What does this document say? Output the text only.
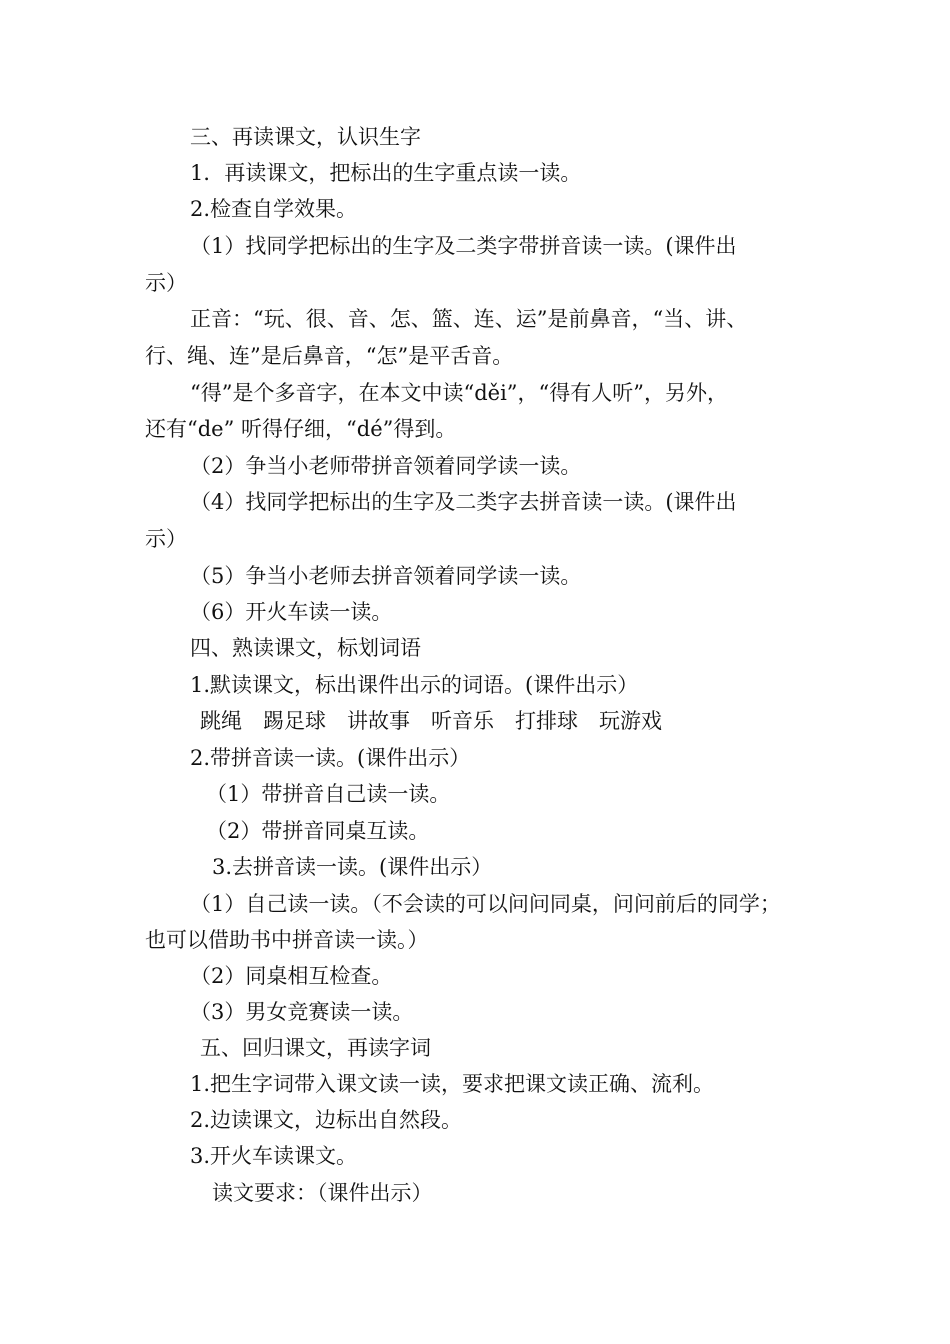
三、再读课文，认识生字

1．再读课文，把标出的生字重点读一读。

2.检查自学效果。

（1）找同学把标出的生字及二类字带拼音读一读。(课件出

示）

正音：“玩、很、音、怎、篮、连、运”是前鼻音，“当、讲、

行、绳、连”是后鼻音，“怎”是平舌音。

“得”是个多音字，在本文中读“děi”，“得有人听”，另外，

还有“de” 听得仔细，“dé”得到。

（2）争当小老师带拼音领着同学读一读。

（4）找同学把标出的生字及二类字去拼音读一读。(课件出

示）

（5）争当小老师去拼音领着同学读一读。

（6）开火车读一读。

四、熟读课文，标划词语

1.默读课文，标出课件出示的词语。(课件出示）

跳绳　踢足球　讲故事　听音乐　打排球　玩游戏

2.带拼音读一读。(课件出示）

（1）带拼音自己读一读。

（2）带拼音同桌互读。

3.去拼音读一读。(课件出示）

（1）自己读一读。（不会读的可以问问同桌，问问前后的同学；

也可以借助书中拼音读一读。）

（2）同桌相互检查。

（3）男女竞赛读一读。

五、回归课文，再读字词

1.把生字词带入课文读一读，要求把课文读正确、流利。

2.边读课文，边标出自然段。

3.开火车读课文。

读文要求：（课件出示）
